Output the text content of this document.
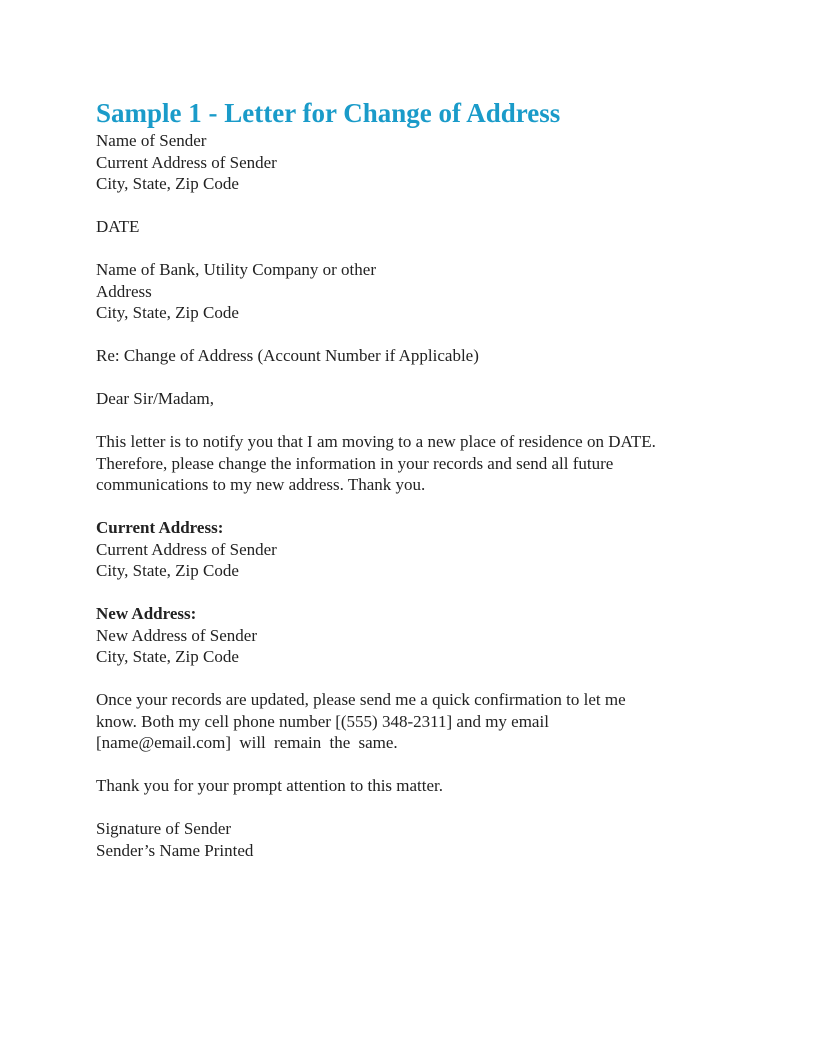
Sample 1 - Letter for Change of Address

Name of Sender

Current Address of Sender

City, State, Zip Code

DATE

Name of Bank, Utility Company or other

Address

City, State, Zip Code

Re: Change of Address (Account Number if Applicable)

Dear Sir/Madam,

This letter is to notify you that I am moving to a new place of residence on DATE.

Therefore, please change the information in your records and send all future

communications to my new address. Thank you.

Current Address:

Current Address of Sender

City, State, Zip Code

New Address:

New Address of Sender

City, State, Zip Code

Once your records are updated, please send me a quick confirmation to let me

know. Both my cell phone number [(555) 348-2311] and my email

[name@email.com] will remain the same.

Thank you for your prompt attention to this matter.

Signature of Sender

Sender’s Name Printed
